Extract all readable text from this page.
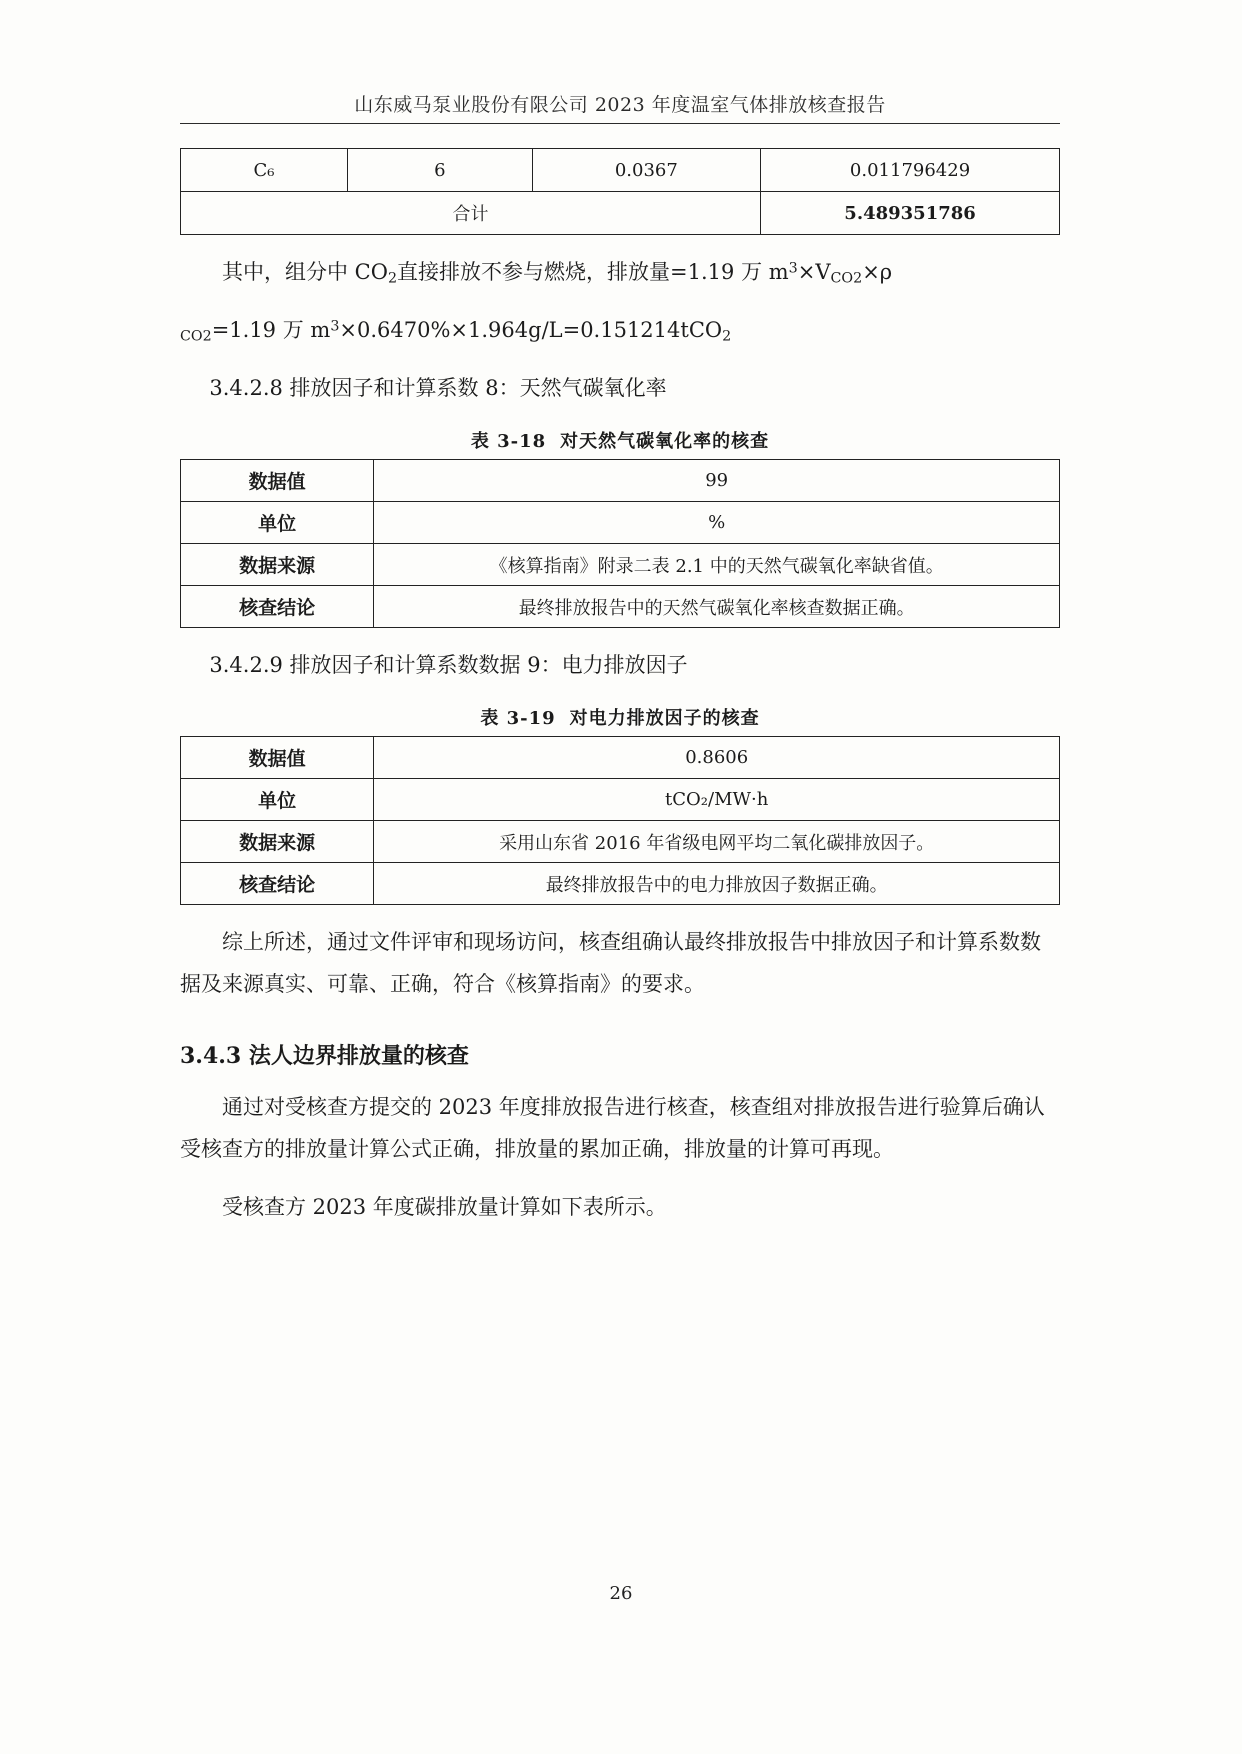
山东威马泵业股份有限公司 2023 年度温室气体排放核查报告
C₆	6	0.0367	0.011796429
合计			5.489351786

其中，组分中 $CO_2$直接排放不参与燃烧，排放量=1.19 万 $m^3\times V_{CO2}\times\rho$

$_{CO2}$=1.19 万 $m^3\times 0.6470\%\times 1.964g/L=0.151214tCO_2$

3.4.2.8 排放因子和计算系数 8：天然气碳氧化率
表 3-18 对天然气碳氧化率的核查
数据值	99
单位	%
数据来源	《核算指南》附录二表 2.1 中的天然气碳氧化率缺省值。
核查结论	最终排放报告中的天然气碳氧化率核查数据正确。
3.4.2.9 排放因子和计算系数数据 9：电力排放因子
表 3-19 对电力排放因子的核查
数据值	0.8606
单位	tCO₂/MW·h
数据来源	采用山东省 2016 年省级电网平均二氧化碳排放因子。
核查结论	最终排放报告中的电力排放因子数据正确。

综上所述，通过文件评审和现场访问，核查组确认最终排放报告中排放因子和计算系数数据及来源真实、可靠、正确，符合《核算指南》的要求。

3.4.3 法人边界排放量的核查

通过对受核查方提交的 2023 年度排放报告进行核查，核查组对排放报告进行验算后确认受核查方的排放量计算公式正确，排放量的累加正确，排放量的计算可再现。

受核查方 2023 年度碳排放量计算如下表所示。

26
